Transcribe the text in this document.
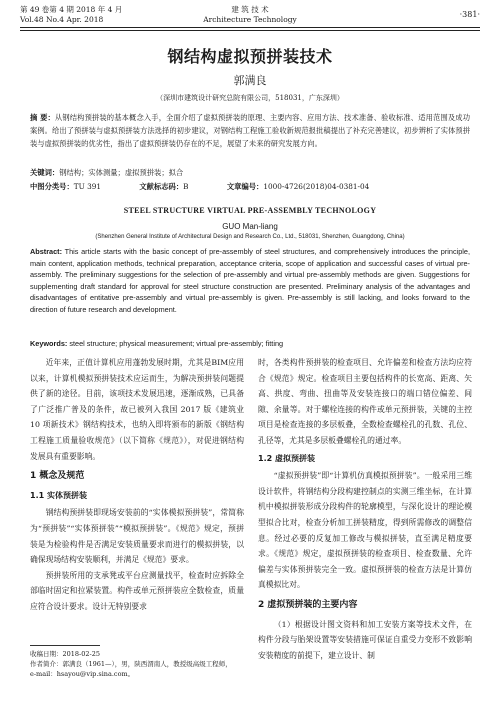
第 49 卷第 4 期 2018 年 4 月
Vol.48 No.4 Apr. 2018
建 筑 技 术
Architecture Technology
·381·
钢结构虚拟预拼装技术
郭满良
（深圳市建筑设计研究总院有限公司，518031，广东深圳）
摘 要：从钢结构预拼装的基本概念入手，全面介绍了虚拟预拼装的原理、主要内容、应用方法、技术准备、验收标准、适用范围及成功案例。给出了预拼装与虚拟预拼装方法选择的初步建议，对钢结构工程施工验收新规范报批稿提出了补充完善建议，初步辨析了实体预拼装与虚拟预拼装的优劣性，指出了虚拟预拼装仍存在的不足，展望了未来的研究发展方向。
关键词：钢结构；实体测量；虚拟预拼装；拟合
中图分类号：TU 391	文献标志码：B	文章编号：1000-4726(2018)04-0381-04
STEEL STRUCTURE VIRTUAL PRE-ASSEMBLY TECHNOLOGY
GUO Man-liang
(Shenzhen General Institute of Architectural Design and Research Co., Ltd., 518031, Shenzhen, Guangdong, China)
Abstract: This article starts with the basic concept of pre-assembly of steel structures, and comprehensively introduces the principle, main content, application methods, technical preparation, acceptance criteria, scope of application and successful cases of virtual pre-assembly. The preliminary suggestions for the selection of pre-assembly and virtual pre-assembly methods are given. Suggestions for supplementing draft standard for approval for steel structure construction are presented. Preliminary analysis of the advantages and disadvantages of entitative pre-assembly and virtual pre-assembly is given. Pre-assembly is still lacking, and looks forward to the direction of future research and development.
Keywords: steel structure; physical measurement; virtual pre-assembly; fitting

近年来，正值计算机应用蓬勃发展时期，尤其是BIM应用以来，计算机模拟预拼装技术应运而生，为解决预拼装问题提供了新的途径。目前，该项技术发展迅速，逐渐成熟，已具备了广泛推广普及的条件，故已被列入我国 2017 版《建筑业 10 项新技术》钢结构技术，也纳入即将颁布的新版《钢结构工程施工质量验收规范》（以下简称《规范》），对促进钢结构发展具有重要影响。

1 概念及规范
1.1 实体预拼装

钢结构预拼装即现场安装前的“实体模拟预拼装”，常简称为“预拼装”“实体预拼装”“模拟预拼装”。《规范》规定，预拼装是为检验构件是否满足安装质量要求而进行的模拟拼装，以确保现场结构安装顺利，并满足《规范》要求。

预拼装所用的支承凳或平台应测量找平，检查时应拆除全部临时固定和拉紧装置。构件或单元预拼装应全数检查，质量应符合设计要求。设计无特别要求

时，各类构件预拼装的检查项目、允许偏差和检查方法均应符合《规范》规定。检查项目主要包括构件的长宽高、距离、矢高、拱度、弯曲、扭曲等及安装连接口的端口错位偏差、间隙、余量等。对于螺栓连接的构件或单元预拼装，关键的主控项目是检查连接的多层板叠，全数检查螺栓孔的孔数、孔位、孔径等，尤其是多层板叠螺栓孔的通过率。

1.2 虚拟预拼装

“虚拟预拼装”即“计算机仿真模拟预拼装”。一般采用三维设计软件，将钢结构分段构建控制点的实测三维坐标，在计算机中模拟拼装形成分段构件的轮廓模型，与深化设计的理论模型拟合比对，检查分析加工拼装精度，得到所需修改的调整信息。经过必要的反复加工修改与模拟拼装，直至满足精度要求。《规范》规定，虚拟预拼装的检查项目、检查数量、允许偏差与实体预拼装完全一致。虚拟预拼装的检查方法是计算仿真模拟比对。

2 虚拟预拼装的主要内容

（1）根据设计图文资料和加工安装方案等技术文件，在构件分段与胎架设置等安装措施可保证自重受力变形不致影响安装精度的前提下，建立设计、制

收稿日期：2018-02-25
作者简介：郭满良（1961—），男，陕西渭南人，教授级高级工程师，
e-mail：hsayou@vip.sina.com。
